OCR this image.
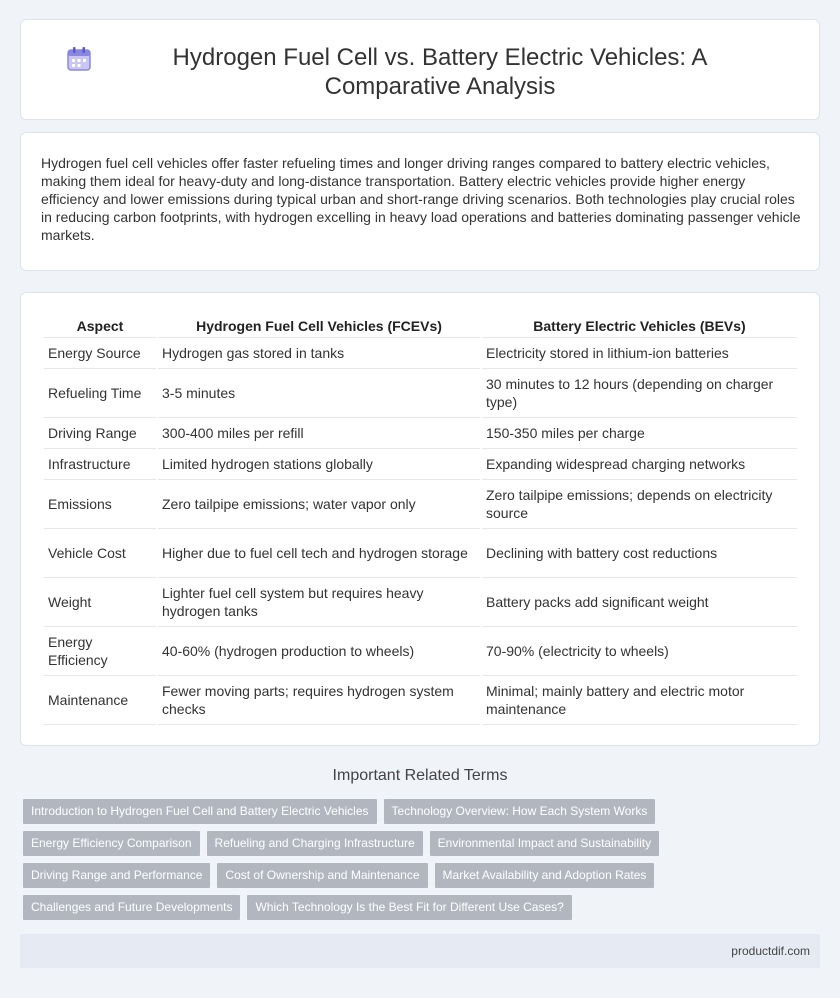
Hydrogen Fuel Cell vs. Battery Electric Vehicles: A Comparative Analysis

Hydrogen fuel cell vehicles offer faster refueling times and longer driving ranges compared to battery electric vehicles, making them ideal for heavy-duty and long-distance transportation. Battery electric vehicles provide higher energy efficiency and lower emissions during typical urban and short-range driving scenarios. Both technologies play crucial roles in reducing carbon footprints, with hydrogen excelling in heavy load operations and batteries dominating passenger vehicle markets.

Aspect	Hydrogen Fuel Cell Vehicles (FCEVs)	Battery Electric Vehicles (BEVs)
Energy Source	Hydrogen gas stored in tanks	Electricity stored in lithium-ion batteries
Refueling Time	3-5 minutes	30 minutes to 12 hours (depending on charger type)
Driving Range	300-400 miles per refill	150-350 miles per charge
Infrastructure	Limited hydrogen stations globally	Expanding widespread charging networks
Emissions	Zero tailpipe emissions; water vapor only	Zero tailpipe emissions; depends on electricity source
Vehicle Cost	Higher due to fuel cell tech and hydrogen storage	Declining with battery cost reductions
Weight	Lighter fuel cell system but requires heavy hydrogen tanks	Battery packs add significant weight
Energy Efficiency	40-60% (hydrogen production to wheels)	70-90% (electricity to wheels)
Maintenance	Fewer moving parts; requires hydrogen system checks	Minimal; mainly battery and electric motor maintenance
Important Related Terms
Introduction to Hydrogen Fuel Cell and Battery Electric Vehicles	Technology Overview: How Each System Works
Energy Efficiency Comparison	Refueling and Charging Infrastructure	Environmental Impact and Sustainability
Driving Range and Performance	Cost of Ownership and Maintenance	Market Availability and Adoption Rates
Challenges and Future Developments	Which Technology Is the Best Fit for Different Use Cases?
productdif.com
